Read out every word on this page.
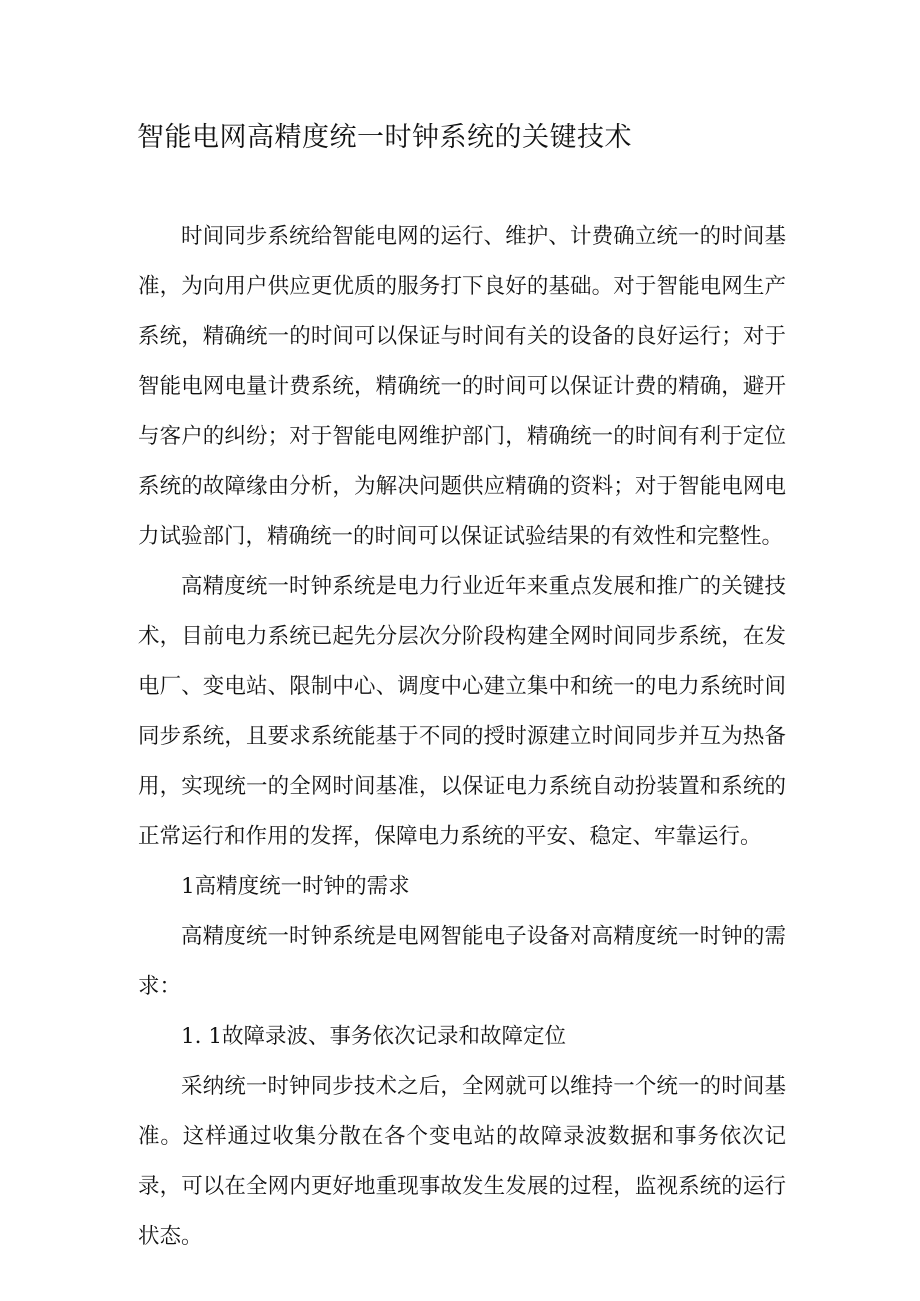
智能电网高精度统一时钟系统的关键技术

时间同步系统给智能电网的运行、维护、计费确立统一的时间基准，为向用户供应更优质的服务打下良好的基础。对于智能电网生产系统，精确统一的时间可以保证与时间有关的设备的良好运行；对于智能电网电量计费系统，精确统一的时间可以保证计费的精确，避开与客户的纠纷；对于智能电网维护部门，精确统一的时间有利于定位系统的故障缘由分析，为解决问题供应精确的资料；对于智能电网电力试验部门，精确统一的时间可以保证试验结果的有效性和完整性。

高精度统一时钟系统是电力行业近年来重点发展和推广的关键技术，目前电力系统已起先分层次分阶段构建全网时间同步系统，在发电厂、变电站、限制中心、调度中心建立集中和统一的电力系统时间同步系统，且要求系统能基于不同的授时源建立时间同步并互为热备用，实现统一的全网时间基准，以保证电力系统自动扮装置和系统的正常运行和作用的发挥，保障电力系统的平安、稳定、牢靠运行。

1高精度统一时钟的需求

高精度统一时钟系统是电网智能电子设备对高精度统一时钟的需求：

1. 1故障录波、事务依次记录和故障定位

采纳统一时钟同步技术之后，全网就可以维持一个统一的时间基准。这样通过收集分散在各个变电站的故障录波数据和事务依次记录，可以在全网内更好地重现事故发生发展的过程，监视系统的运行状态。
